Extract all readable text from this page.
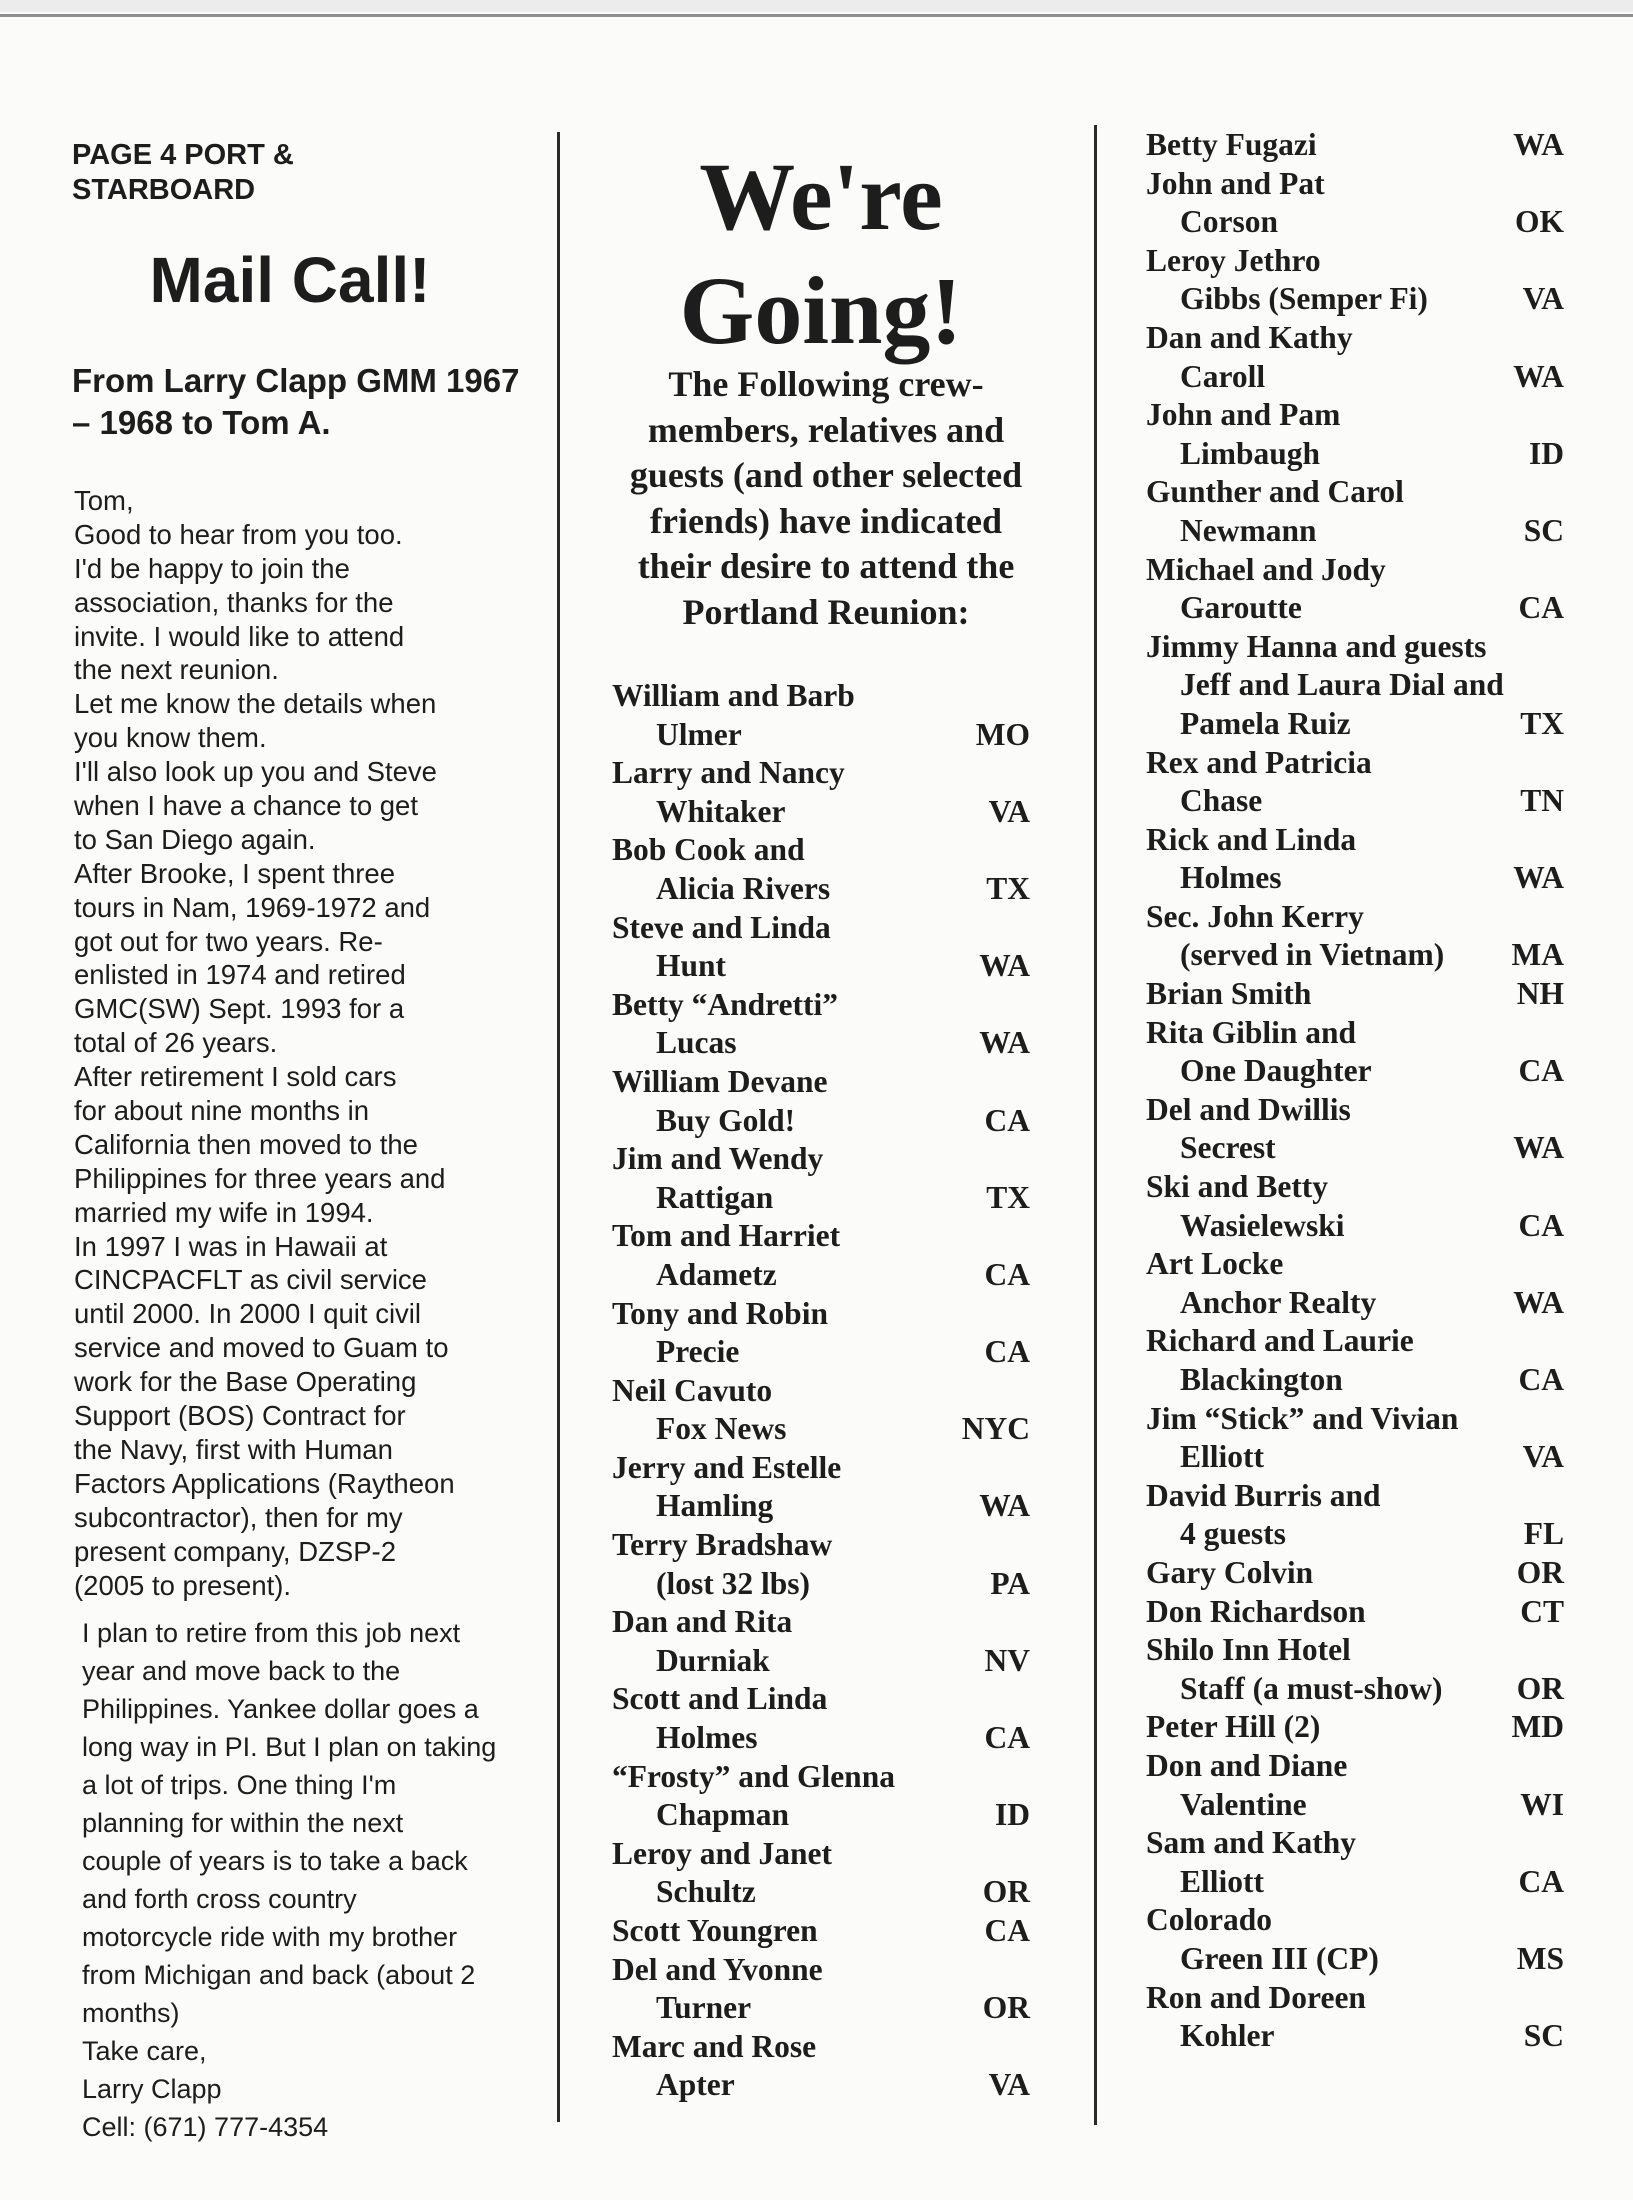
PAGE 4 PORT & STARBOARD
Mail Call!
From Larry Clapp GMM 1967 – 1968 to Tom A.
Tom,
Good to hear from you too.
I'd be happy to join the
association, thanks for the
invite. I would like to attend
the next reunion.
Let me know the details when
you know them.
I'll also look up you and Steve
when I have a chance to get
to San Diego again.
After Brooke, I spent three
tours in Nam, 1969-1972 and
got out for two years. Re-
enlisted in 1974 and retired
GMC(SW) Sept. 1993 for a
total of 26 years.
After retirement I sold cars
for about nine months in
California then moved to the
Philippines for three years and
married my wife in 1994.
In 1997 I was in Hawaii at
CINCPACFLT as civil service
until 2000. In 2000 I quit civil
service and moved to Guam to
work for the Base Operating
Support (BOS) Contract for
the Navy, first with Human
Factors Applications (Raytheon
subcontractor), then for my
present company, DZSP-2
(2005 to present).
I plan to retire from this job next
year and move back to the
Philippines. Yankee dollar goes a
long way in PI. But I plan on taking
a lot of trips. One thing I'm
planning for within the next
couple of years is to take a back
and forth cross country
motorcycle ride with my brother
from Michigan and back (about 2
months)
Take care,
Larry Clapp
Cell: (671) 777-4354
We're
Going!
The Following crew-
members, relatives and
guests (and other selected
friends) have indicated
their desire to attend the
Portland Reunion:
William and Barb
Ulmer	MO
Larry and Nancy
Whitaker	VA
Bob Cook and
Alicia Rivers	TX
Steve and Linda
Hunt	WA
Betty “Andretti”
Lucas	WA
William Devane
Buy Gold!	CA
Jim and Wendy
Rattigan	TX
Tom and Harriet
Adametz	CA
Tony and Robin
Precie	CA
Neil Cavuto
Fox News	NYC
Jerry and Estelle
Hamling	WA
Terry Bradshaw
(lost 32 lbs)	PA
Dan and Rita
Durniak	NV
Scott and Linda
Holmes	CA
“Frosty” and Glenna
Chapman	ID
Leroy and Janet
Schultz	OR
Scott Youngren	CA
Del and Yvonne
Turner	OR
Marc and Rose
Apter	VA
Betty Fugazi	WA
John and Pat
Corson	OK
Leroy Jethro
Gibbs (Semper Fi)	VA
Dan and Kathy
Caroll	WA
John and Pam
Limbaugh	ID
Gunther and Carol
Newmann	SC
Michael and Jody
Garoutte	CA
Jimmy Hanna and guests
Jeff and Laura Dial and
Pamela Ruiz	TX
Rex and Patricia
Chase	TN
Rick and Linda
Holmes	WA
Sec. John Kerry
(served in Vietnam)	MA
Brian Smith	NH
Rita Giblin and
One Daughter	CA
Del and Dwillis
Secrest	WA
Ski and Betty
Wasielewski	CA
Art Locke
Anchor Realty	WA
Richard and Laurie
Blackington	CA
Jim “Stick” and Vivian
Elliott	VA
David Burris and
4 guests	FL
Gary Colvin	OR
Don Richardson	CT
Shilo Inn Hotel
Staff (a must-show)	OR
Peter Hill (2)	MD
Don and Diane
Valentine	WI
Sam and Kathy
Elliott	CA
Colorado
Green III (CP)	MS
Ron and Doreen
Kohler	SC
